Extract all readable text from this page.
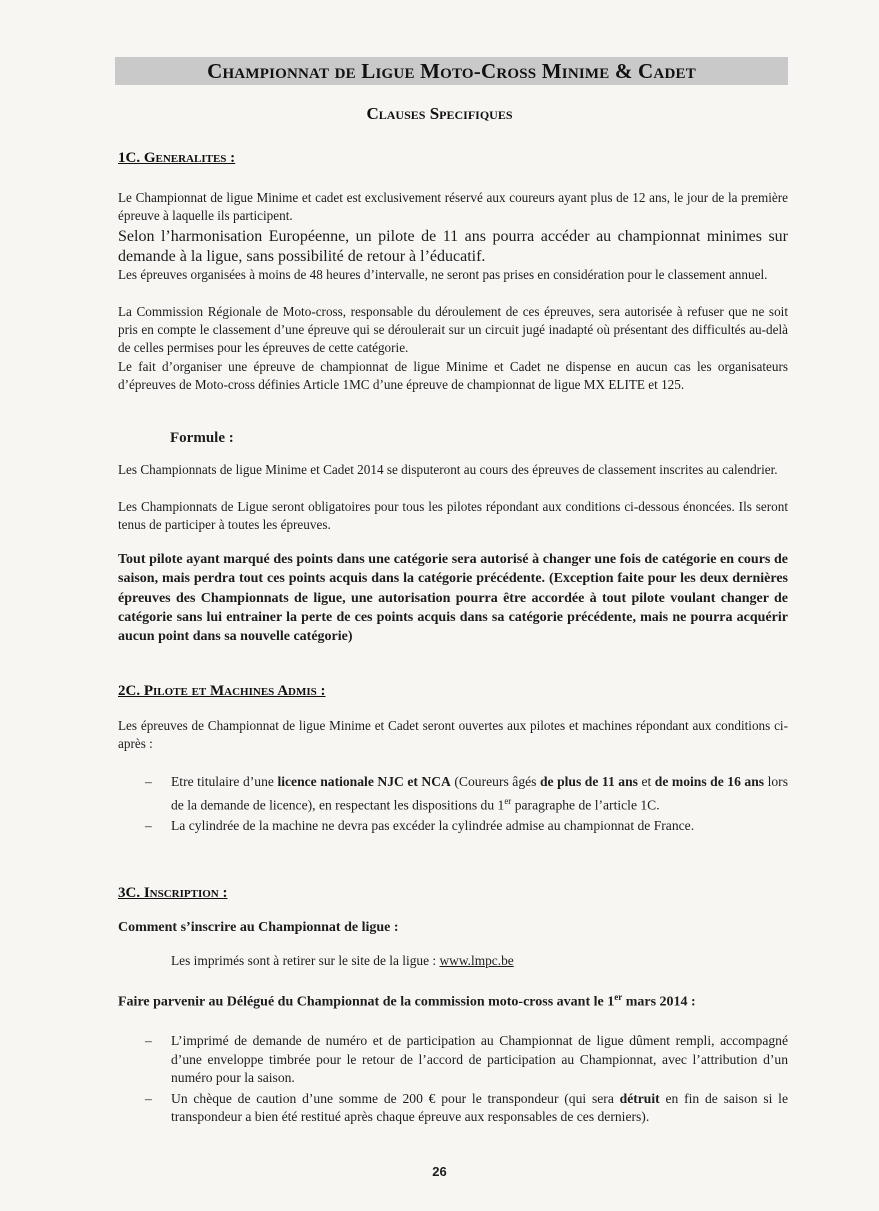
Championnat de Ligue Moto-Cross Minime & Cadet
Clauses Specifiques
1C. Generalites :
Le Championnat de ligue Minime et cadet est exclusivement réservé aux coureurs ayant plus de 12 ans, le jour de la première épreuve à laquelle ils participent.
Selon l’harmonisation Européenne, un pilote de 11 ans pourra accéder au championnat minimes sur demande à la ligue, sans possibilité de retour à l’éducatif.
Les épreuves organisées à moins de 48 heures d’intervalle, ne seront pas prises en considération pour le classement annuel.
La Commission Régionale de Moto-cross, responsable du déroulement de ces épreuves, sera autorisée à refuser que ne soit pris en compte le classement d’une épreuve qui se déroulerait sur un circuit jugé inadapté où présentant des difficultés au-delà de celles permises pour les épreuves de cette catégorie.
Le fait d’organiser une épreuve de championnat de ligue Minime et Cadet ne dispense en aucun cas les organisateurs d’épreuves de Moto-cross définies Article 1MC d’une épreuve de championnat de ligue MX ELITE et 125.
Formule :
Les Championnats de ligue Minime et Cadet 2014 se disputeront au cours des épreuves de classement inscrites au calendrier.
Les Championnats de Ligue seront obligatoires pour tous les pilotes répondant aux conditions ci-dessous énoncées. Ils seront tenus de participer à toutes les épreuves.
Tout pilote ayant marqué des points dans une catégorie sera autorisé à changer une fois de catégorie en cours de saison, mais perdra tout ces points acquis dans la catégorie précédente. (Exception faite pour les deux dernières épreuves des Championnats de ligue, une autorisation pourra être accordée à tout pilote voulant changer de catégorie sans lui entrainer la perte de ces points acquis dans sa catégorie précédente, mais ne pourra acquérir aucun point dans sa nouvelle catégorie)
2C. Pilote et Machines Admis :
Les épreuves de Championnat de ligue Minime et Cadet seront ouvertes aux pilotes et machines répondant aux conditions ci-après :
– Etre titulaire d’une licence nationale NJC et NCA (Coureurs âgés de plus de 11 ans et de moins de 16 ans lors de la demande de licence), en respectant les dispositions du 1er paragraphe de l’article 1C.
– La cylindrée de la machine ne devra pas excéder la cylindrée admise au championnat de France.
3C. Inscription :
Comment s’inscrire au Championnat de ligue :
Les imprimés sont à retirer sur le site de la ligue : www.lmpc.be
Faire parvenir au Délégué du Championnat de la commission moto-cross avant le 1er mars 2014 :
– L’imprimé de demande de numéro et de participation au Championnat de ligue dûment rempli, accompagné d’une enveloppe timbrée pour le retour de l’accord de participation au Championnat, avec l’attribution d’un numéro pour la saison.
– Un chèque de caution d’une somme de 200 € pour le transpondeur (qui sera détruit en fin de saison si le transpondeur a bien été restitué après chaque épreuve aux responsables de ces derniers).
26
